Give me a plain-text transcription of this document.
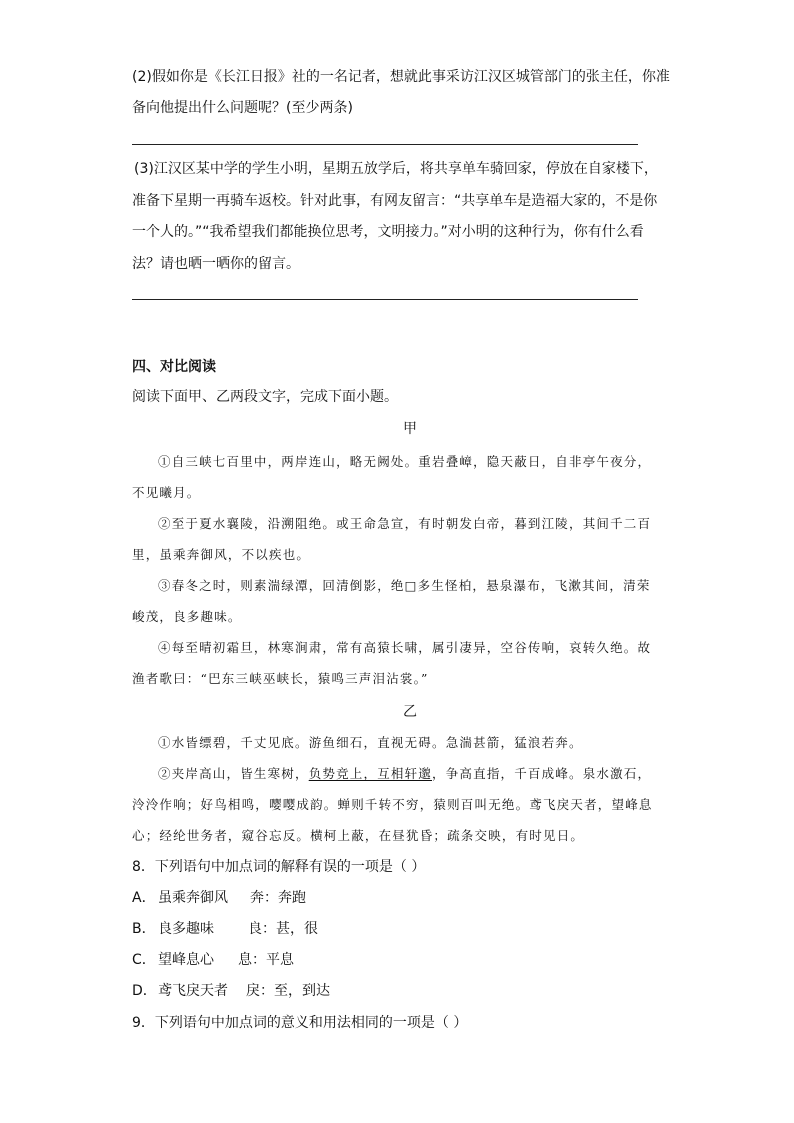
(2)假如你是《长江日报》社的一名记者，想就此事采访江汉区城管部门的张主任，你准
备向他提出什么问题呢？(至少两条)
(3)江汉区某中学的学生小明，星期五放学后，将共享单车骑回家，停放在自家楼下，
准备下星期一再骑车返校。针对此事，有网友留言：“共享单车是造福大家的，不是你
一个人的。”“我希望我们都能换位思考，文明接力。”对小明的这种行为，你有什么看
法？请也晒一晒你的留言。
四、对比阅读
阅读下面甲、乙两段文字，完成下面小题。
甲
①自三峡七百里中，两岸连山，略无阙处。重岩叠嶂，隐天蔽日，自非亭午夜分，
不见曦月。
②至于夏水襄陵，沿溯阻绝。或王命急宣，有时朝发白帝，暮到江陵，其间千二百
里，虽乘奔御风，不以疾也。
③春冬之时，则素湍绿潭，回清倒影，绝□多生怪柏，悬泉瀑布，飞漱其间，清荣
峻茂，良多趣味。
④每至晴初霜旦，林寒涧肃，常有高猿长啸，属引凄异，空谷传响，哀转久绝。故
渔者歌曰：“巴东三峡巫峡长，猿鸣三声泪沾裳。”
乙
①水皆缥碧，千丈见底。游鱼细石，直视无碍。急湍甚箭，猛浪若奔。
②夹岸高山，皆生寒树，负势竞上，互相轩邈，争高直指，千百成峰。泉水激石，
泠泠作响；好鸟相鸣，嘤嘤成韵。蝉则千转不穷，猿则百叫无绝。鸢飞戾天者，望峰息
心；经纶世务者，窥谷忘反。横柯上蔽，在昼犹昏；疏条交映，有时见日。
8．下列语句中加点词的解释有误的一项是（ ）
A． 虽乘奔御风 奔：奔跑
B． 良多趣味 良：甚，很
C． 望峰息心 息：平息
D．鸢飞戾天者 戾：至，到达
9．下列语句中加点词的意义和用法相同的一项是（ ）
